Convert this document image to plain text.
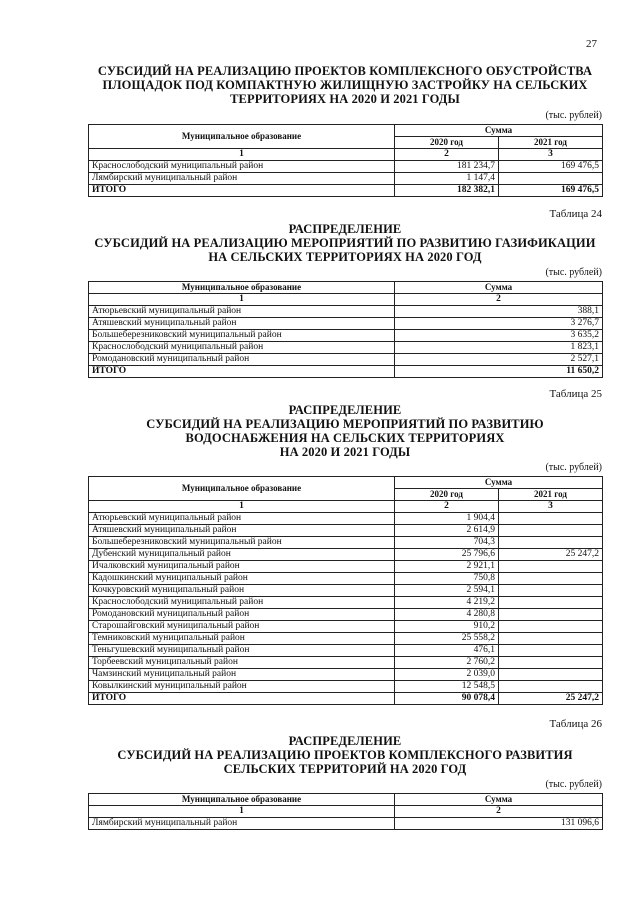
27
СУБСИДИЙ НА РЕАЛИЗАЦИЮ ПРОЕКТОВ КОМПЛЕКСНОГО ОБУСТРОЙСТВА
ПЛОЩАДОК ПОД КОМПАКТНУЮ ЖИЛИЩНУЮ ЗАСТРОЙКУ НА СЕЛЬСКИХ
ТЕРРИТОРИЯХ НА 2020 И 2021 ГОДЫ
(тыс. рублей)
Муниципальное образование	Сумма	
	2020 год	2021 год
1	2	3
Краснослободский муниципальный район	181 234,7	169 476,5
Лямбирский муниципальный район	1 147,4	
ИТОГО	182 382,1	169 476,5
Таблица 24
РАСПРЕДЕЛЕНИЕ
СУБСИДИЙ НА РЕАЛИЗАЦИЮ МЕРОПРИЯТИЙ ПО РАЗВИТИЮ ГАЗИФИКАЦИИ
НА СЕЛЬСКИХ ТЕРРИТОРИЯХ НА 2020 ГОД
(тыс. рублей)
Муниципальное образование	Сумма
1	2
Атюрьевский муниципальный район	388,1
Атяшевский муниципальный район	3 276,7
Большеберезниковский муниципальный район	3 635,2
Краснослободский муниципальный район	1 823,1
Ромодановский муниципальный район	2 527,1
ИТОГО	11 650,2
Таблица 25
РАСПРЕДЕЛЕНИЕ
СУБСИДИЙ НА РЕАЛИЗАЦИЮ МЕРОПРИЯТИЙ ПО РАЗВИТИЮ
ВОДОСНАБЖЕНИЯ НА СЕЛЬСКИХ ТЕРРИТОРИЯХ
НА 2020 И 2021 ГОДЫ
(тыс. рублей)
Муниципальное образование	Сумма	
	2020 год	2021 год
1	2	3
Атюрьевский муниципальный район	1 904,4	
Атяшевский муниципальный район	2 614,9	
Большеберезниковский муниципальный район	704,3	
Дубенский муниципальный район	25 796,6	25 247,2
Ичалковский муниципальный район	2 921,1	
Кадошкинский муниципальный район	750,8	
Кочкуровский муниципальный район	2 594,1	
Краснослободский муниципальный район	4 219,2	
Ромодановский муниципальный район	4 280,8	
Старошайговский муниципальный район	910,2	
Темниковский муниципальный район	25 558,2	
Теньгушевский муниципальный район	476,1	
Торбеевский муниципальный район	2 760,2	
Чамзинский муниципальный район	2 039,0	
Ковылкинский муниципальный район	12 548,5	
ИТОГО	90 078,4	25 247,2
Таблица 26
РАСПРЕДЕЛЕНИЕ
СУБСИДИЙ НА РЕАЛИЗАЦИЮ ПРОЕКТОВ КОМПЛЕКСНОГО РАЗВИТИЯ
СЕЛЬСКИХ ТЕРРИТОРИЙ НА 2020 ГОД
(тыс. рублей)
Муниципальное образование	Сумма
1	2
Лямбирский муниципальный район	131 096,6
